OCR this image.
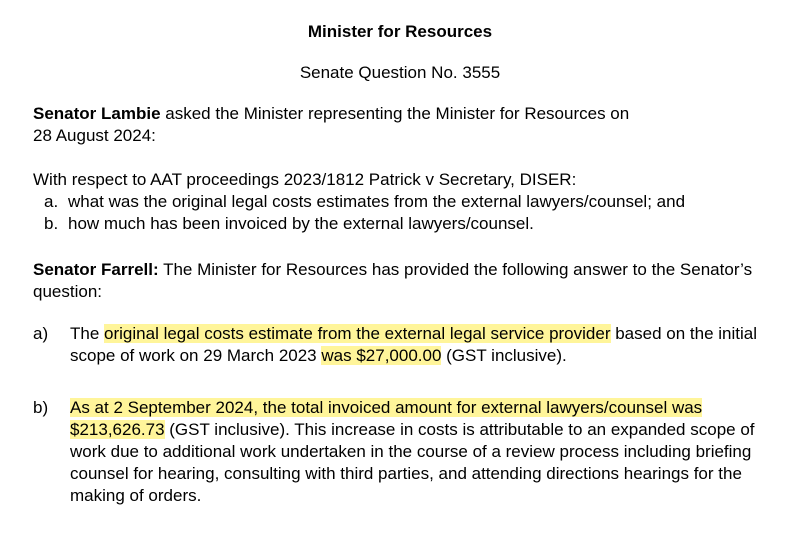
Minister for Resources
Senate Question No. 3555
Senator Lambie asked the Minister representing the Minister for Resources on
28 August 2024:
With respect to AAT proceedings 2023/1812 Patrick v Secretary, DISER:
a. what was the original legal costs estimates from the external lawyers/counsel; and
b. how much has been invoiced by the external lawyers/counsel.
Senator Farrell: The Minister for Resources has provided the following answer to the Senator’s question:
a) The original legal costs estimate from the external legal service provider based on the initial scope of work on 29 March 2023 was $27,000.00 (GST inclusive).
b) As at 2 September 2024, the total invoiced amount for external lawyers/counsel was $213,626.73 (GST inclusive). This increase in costs is attributable to an expanded scope of work due to additional work undertaken in the course of a review process including briefing counsel for hearing, consulting with third parties, and attending directions hearings for the making of orders.
